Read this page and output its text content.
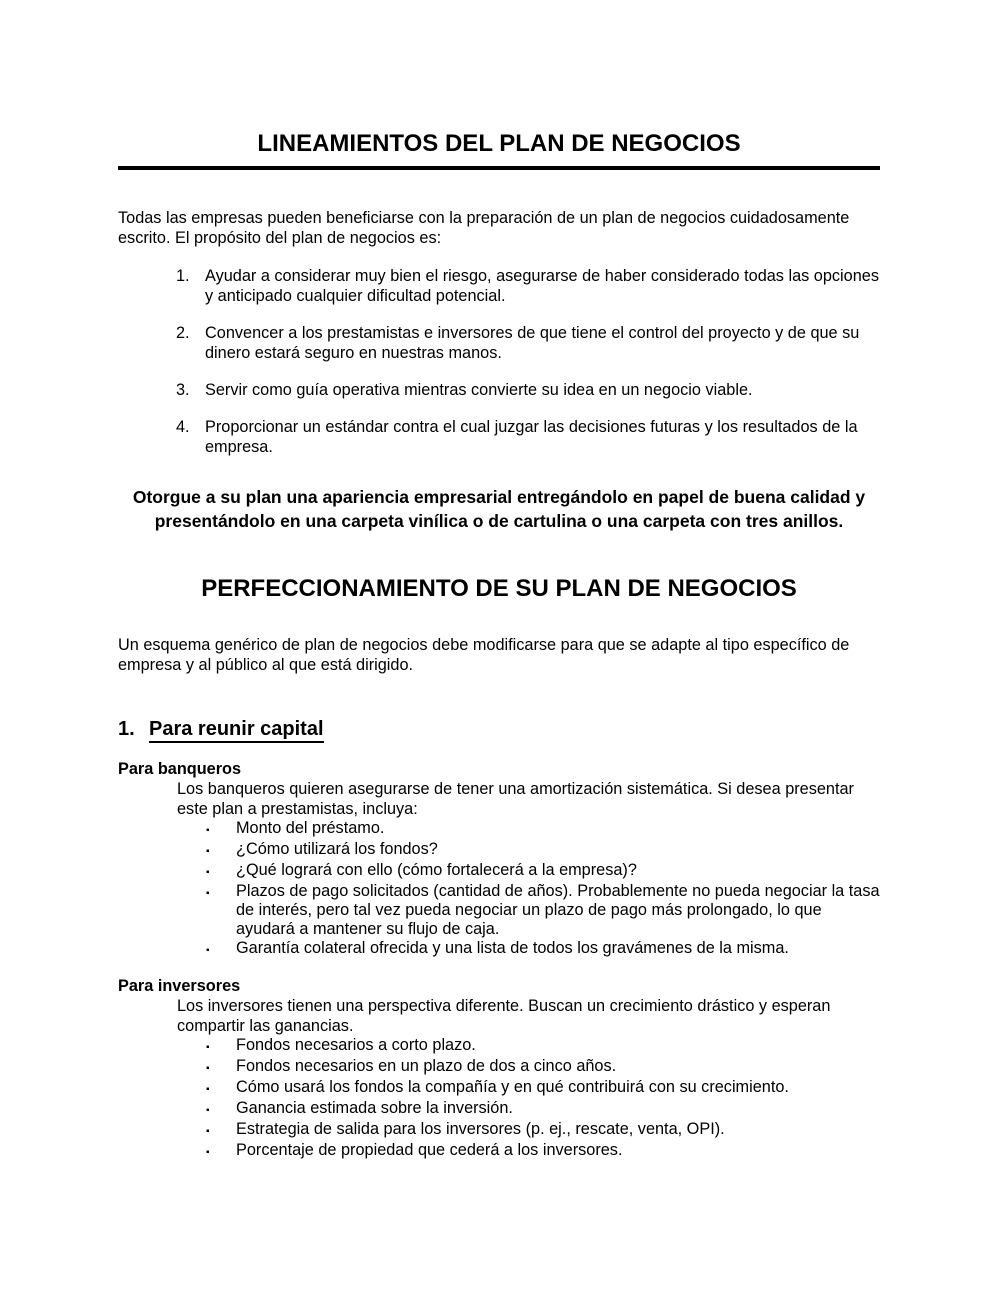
LINEAMIENTOS DEL PLAN DE NEGOCIOS

Todas las empresas pueden beneficiarse con la preparación de un plan de negocios cuidadosamente escrito. El propósito del plan de negocios es:

1. Ayudar a considerar muy bien el riesgo, asegurarse de haber considerado todas las opciones y anticipado cualquier dificultad potencial.
2. Convencer a los prestamistas e inversores de que tiene el control del proyecto y de que su dinero estará seguro en nuestras manos.
3. Servir como guía operativa mientras convierte su idea en un negocio viable.
4. Proporcionar un estándar contra el cual juzgar las decisiones futuras y los resultados de la empresa.

Otorgue a su plan una apariencia empresarial entregándolo en papel de buena calidad y presentándolo en una carpeta vinílica o de cartulina o una carpeta con tres anillos.

PERFECCIONAMIENTO DE SU PLAN DE NEGOCIOS

Un esquema genérico de plan de negocios debe modificarse para que se adapte al tipo específico de empresa y al público al que está dirigido.

1. Para reunir capital
Para banqueros

Los banqueros quieren asegurarse de tener una amortización sistemática. Si desea presentar este plan a prestamistas, incluya:

▪	Monto del préstamo.
▪	¿Cómo utilizará los fondos?
▪	¿Qué logrará con ello (cómo fortalecerá a la empresa)?
▪	Plazos de pago solicitados (cantidad de años). Probablemente no pueda negociar la tasa de interés, pero tal vez pueda negociar un plazo de pago más prolongado, lo que ayudará a mantener su flujo de caja.
▪	Garantía colateral ofrecida y una lista de todos los gravámenes de la misma.
Para inversores

Los inversores tienen una perspectiva diferente. Buscan un crecimiento drástico y esperan compartir las ganancias.

▪	Fondos necesarios a corto plazo.
▪	Fondos necesarios en un plazo de dos a cinco años.
▪	Cómo usará los fondos la compañía y en qué contribuirá con su crecimiento.
▪	Ganancia estimada sobre la inversión.
▪	Estrategia de salida para los inversores (p. ej., rescate, venta, OPI).
▪	Porcentaje de propiedad que cederá a los inversores.
